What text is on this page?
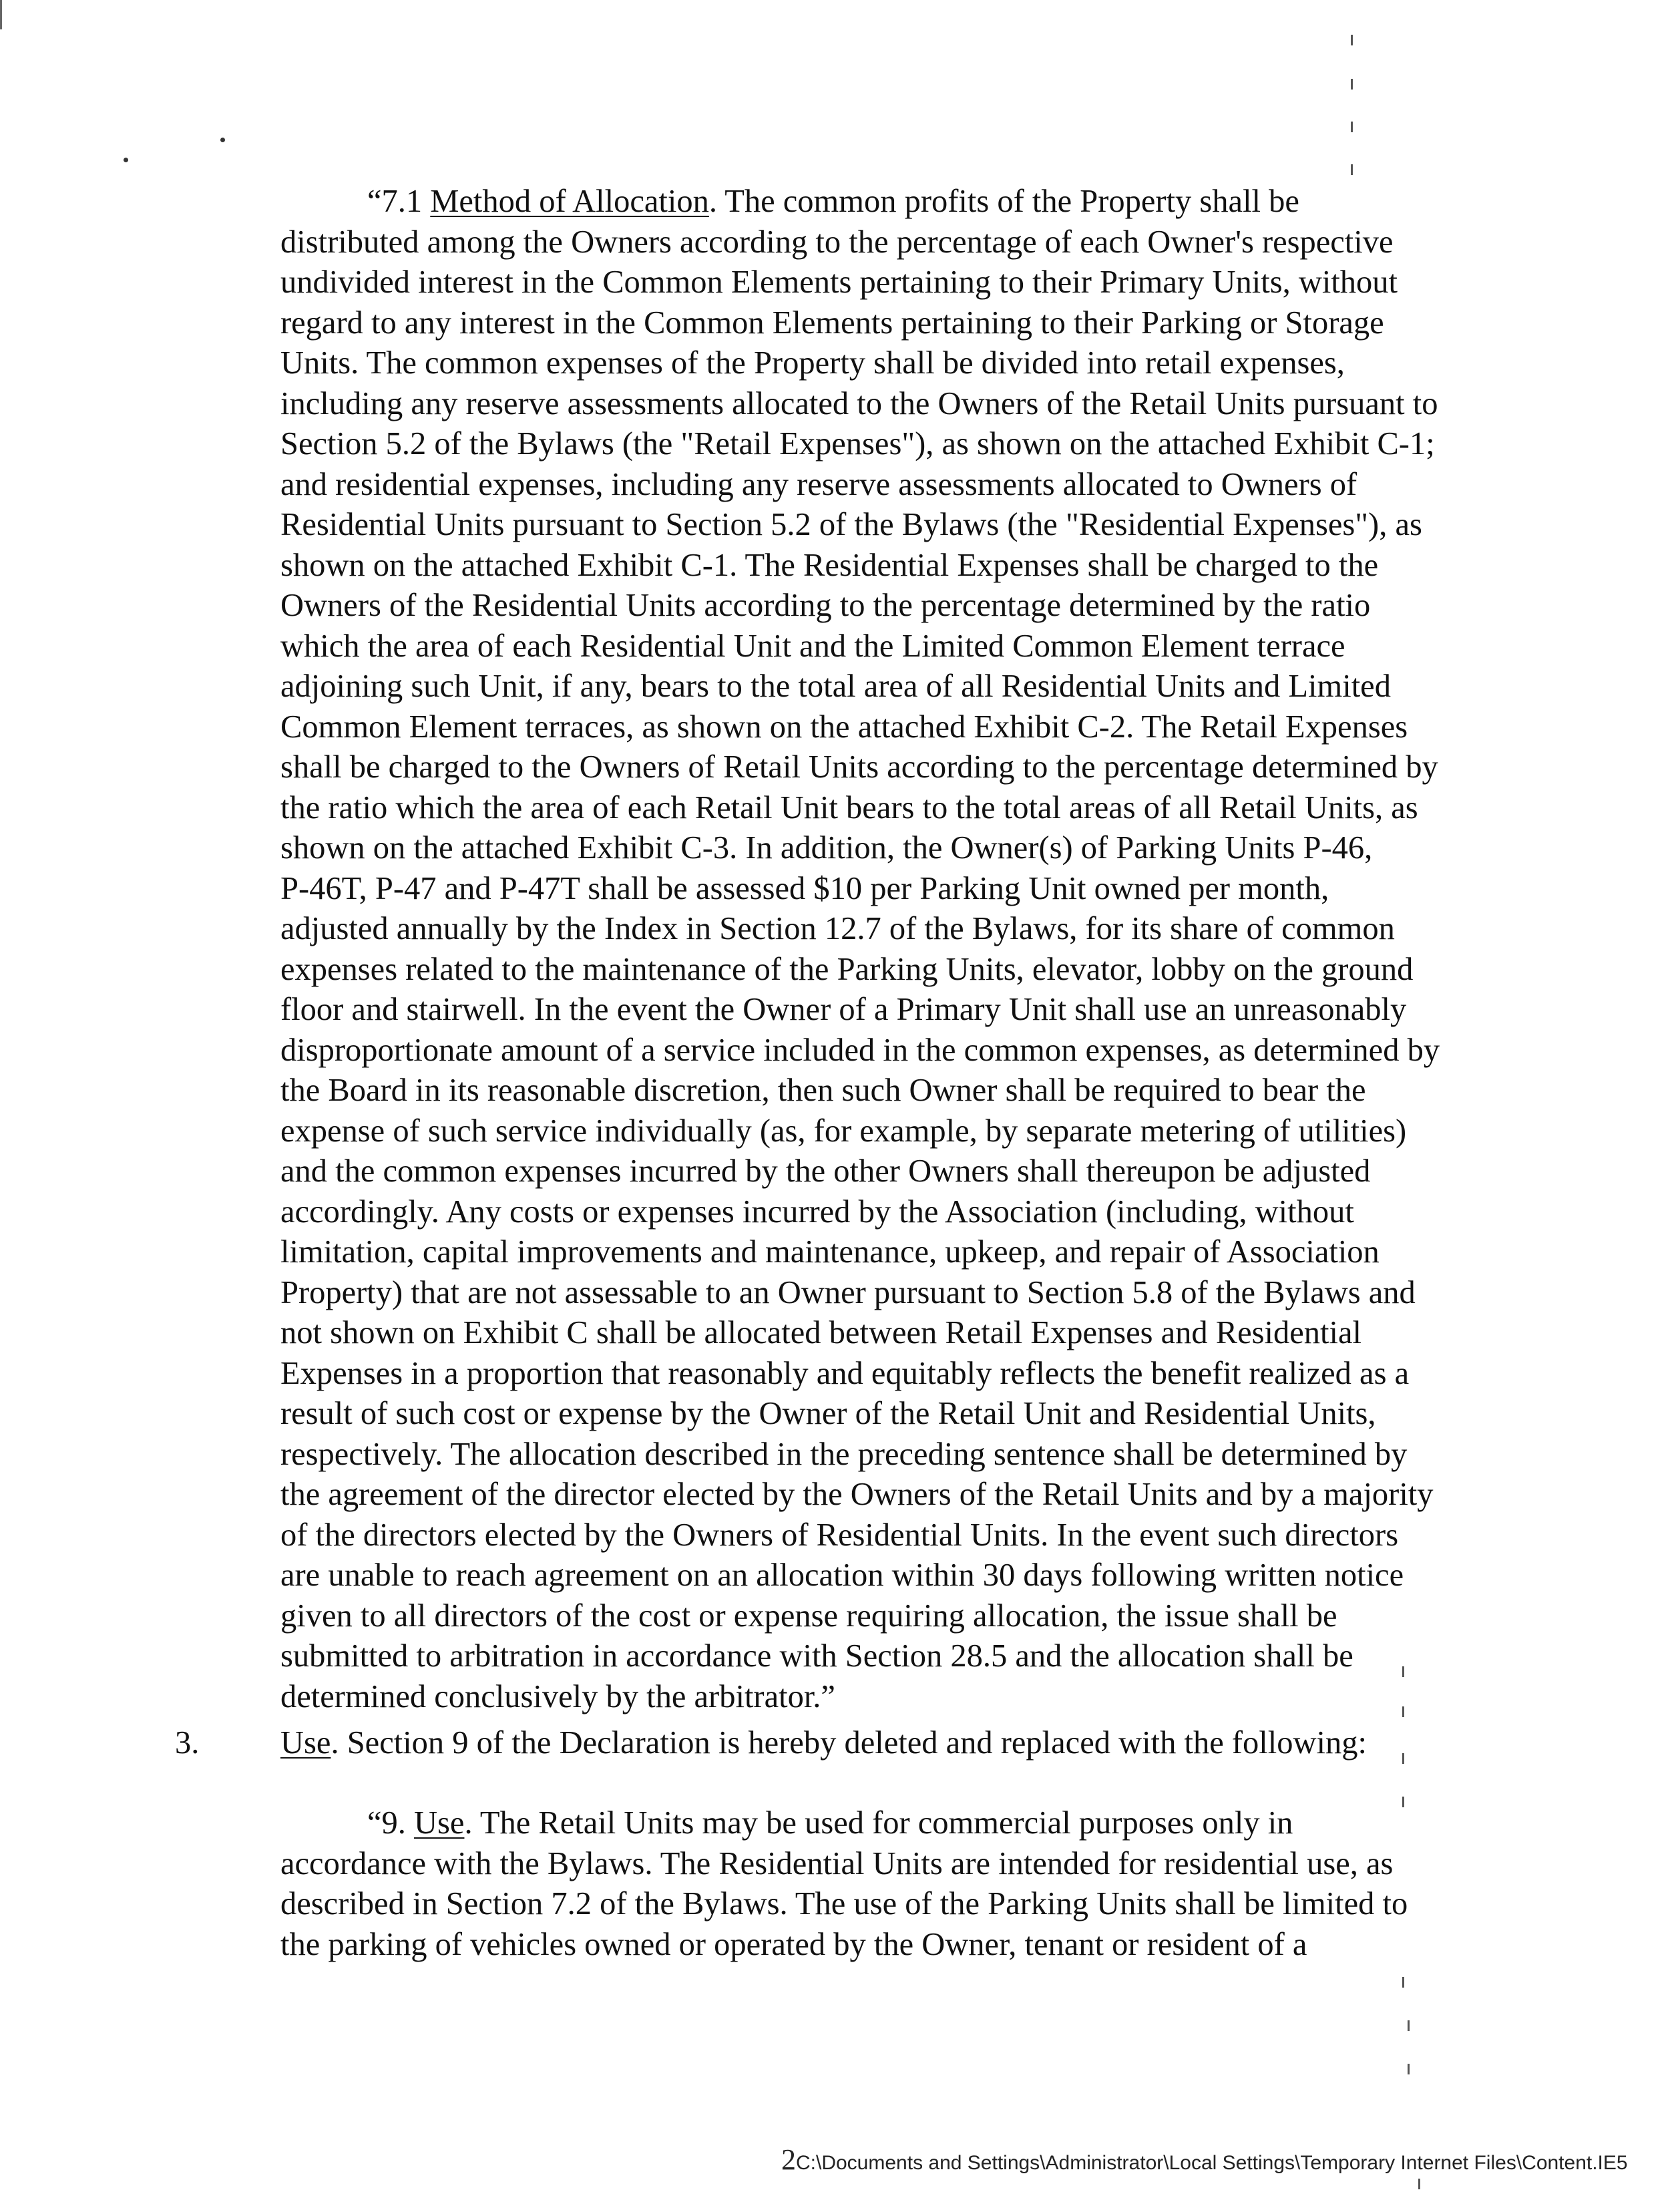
“7.1 Method of Allocation. The common profits of the Property shall be
distributed among the Owners according to the percentage of each Owner's respective
undivided interest in the Common Elements pertaining to their Primary Units, without
regard to any interest in the Common Elements pertaining to their Parking or Storage
Units. The common expenses of the Property shall be divided into retail expenses,
including any reserve assessments allocated to the Owners of the Retail Units pursuant to
Section 5.2 of the Bylaws (the "Retail Expenses"), as shown on the attached Exhibit C-1;
and residential expenses, including any reserve assessments allocated to Owners of
Residential Units pursuant to Section 5.2 of the Bylaws (the "Residential Expenses"), as
shown on the attached Exhibit C-1. The Residential Expenses shall be charged to the
Owners of the Residential Units according to the percentage determined by the ratio
which the area of each Residential Unit and the Limited Common Element terrace
adjoining such Unit, if any, bears to the total area of all Residential Units and Limited
Common Element terraces, as shown on the attached Exhibit C-2. The Retail Expenses
shall be charged to the Owners of Retail Units according to the percentage determined by
the ratio which the area of each Retail Unit bears to the total areas of all Retail Units, as
shown on the attached Exhibit C-3. In addition, the Owner(s) of Parking Units P-46,
P-46T, P-47 and P-47T shall be assessed $10 per Parking Unit owned per month,
adjusted annually by the Index in Section 12.7 of the Bylaws, for its share of common
expenses related to the maintenance of the Parking Units, elevator, lobby on the ground
floor and stairwell. In the event the Owner of a Primary Unit shall use an unreasonably
disproportionate amount of a service included in the common expenses, as determined by
the Board in its reasonable discretion, then such Owner shall be required to bear the
expense of such service individually (as, for example, by separate metering of utilities)
and the common expenses incurred by the other Owners shall thereupon be adjusted
accordingly. Any costs or expenses incurred by the Association (including, without
limitation, capital improvements and maintenance, upkeep, and repair of Association
Property) that are not assessable to an Owner pursuant to Section 5.8 of the Bylaws and
not shown on Exhibit C shall be allocated between Retail Expenses and Residential
Expenses in a proportion that reasonably and equitably reflects the benefit realized as a
result of such cost or expense by the Owner of the Retail Unit and Residential Units,
respectively. The allocation described in the preceding sentence shall be determined by
the agreement of the director elected by the Owners of the Retail Units and by a majority
of the directors elected by the Owners of Residential Units. In the event such directors
are unable to reach agreement on an allocation within 30 days following written notice
given to all directors of the cost or expense requiring allocation, the issue shall be
submitted to arbitration in accordance with Section 28.5 and the allocation shall be
determined conclusively by the arbitrator.”
3.	Use. Section 9 of the Declaration is hereby deleted and replaced with the following:
“9. Use. The Retail Units may be used for commercial purposes only in
accordance with the Bylaws. The Residential Units are intended for residential use, as
described in Section 7.2 of the Bylaws. The use of the Parking Units shall be limited to
the parking of vehicles owned or operated by the Owner, tenant or resident of a
2C:\Documents and Settings\Administrator\Local Settings\Temporary Internet Files\Content.IE5
